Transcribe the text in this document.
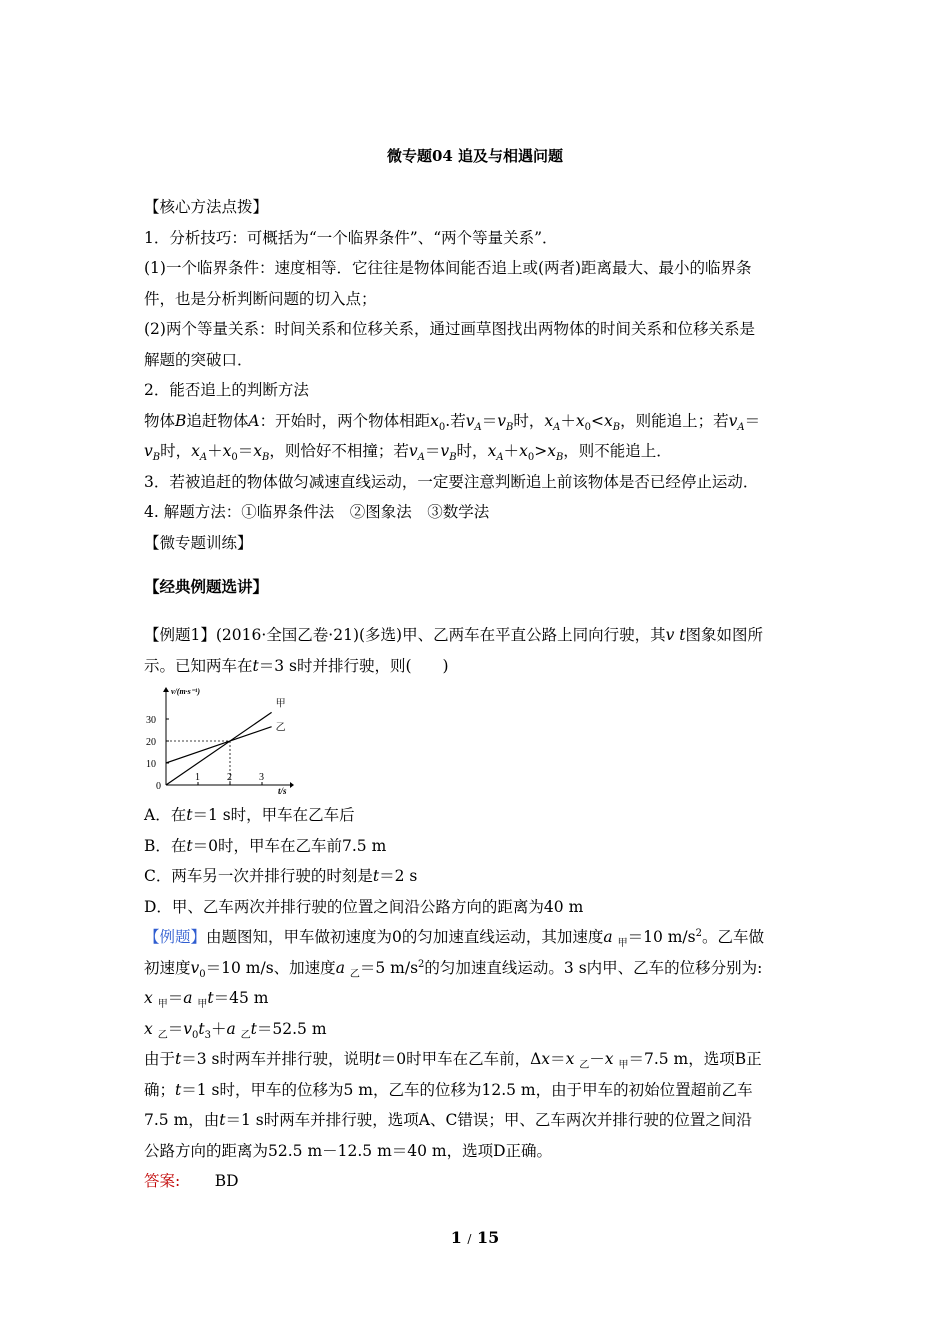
微专题04 追及与相遇问题
【核心方法点拨】
1．分析技巧：可概括为“一个临界条件”、“两个等量关系”．
(1)一个临界条件：速度相等．它往往是物体间能否追上或(两者)距离最大、最小的临界条
件，也是分析判断问题的切入点；
(2)两个等量关系：时间关系和位移关系，通过画草图找出两物体的时间关系和位移关系是
解题的突破口．
2．能否追上的判断方法
物体B追赶物体A：开始时，两个物体相距$x_0$.若$v_A=v_B$时，$x_A+x_0<x_B$，则能追上；若$v_A=$
$v_B$时，$x_A+x_0=x_B$，则恰好不相撞；若$v_A=v_B$时，$x_A+x_0>x_B$，则不能追上．
3．若被追赶的物体做匀减速直线运动，一定要注意判断追上前该物体是否已经停止运动．
4. 解题方法：①临界条件法　②图象法　③数学法
【微专题训练】
【经典例题选讲】
【例题1】(2016·全国乙卷·21)(多选)甲、乙两车在平直公路上同向行驶，其v t图象如图所
示。已知两车在t＝3 s时并排行驶，则(　　)
v/(m·s⁻¹)
t/s
0
1	2	3
10
20
30
甲
乙
A．在t＝1 s时，甲车在乙车后
B．在t＝0时，甲车在乙车前7.5 m
C．两车另一次并排行驶的时刻是t＝2 s
D．甲、乙车两次并排行驶的位置之间沿公路方向的距离为40 m
【例题】由题图知，甲车做初速度为0的匀加速直线运动，其加速度a $_甲$＝10 $m/s^2$。乙车做
初速度$v_0=10$ m/s、加速度a $_乙$＝5 $m/s^2$的匀加速直线运动。3 s内甲、乙车的位移分别为:
x $_甲$＝a $_甲$t＝45 m
x $_乙=v_0t_3+a$ $_乙$t＝52.5 m
由于t＝3 s时两车并排行驶，说明t＝0时甲车在乙车前，Δx＝x $_乙$－x $_甲$＝7.5 m，选项B正
确；t＝1 s时，甲车的位移为5 m，乙车的位移为12.5 m，由于甲车的初始位置超前乙车
7.5 m，由t＝1 s时两车并排行驶，选项A、C错误；甲、乙车两次并排行驶的位置之间沿
公路方向的距离为52.5 m－12.5 m＝40 m，选项D正确。
答案: BD
1 / 15
